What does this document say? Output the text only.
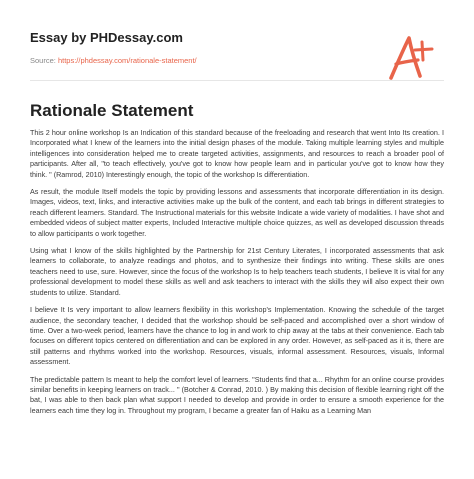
Essay by PHDessay.com

Source: https://phdessay.com/rationale-statement/
Rationale Statement

This 2 hour online workshop Is an Indication of this standard because of the freeloading and research that went Into Its creation. I Incorporated what I knew of the learners into the initial design phases of the module. Taking multiple learning styles and multiple intelligences into consideration helped me to create targeted activities, assignments, and resources to reach a broader pool of participants. After all, "to teach effectively, you've got to know how people learn and in particular you've got to know how they think. " (Ramrod, 2010) Interestingly enough, the topic of the workshop Is differentiation.

As result, the module Itself models the topic by providing lessons and assessments that incorporate differentiation in its design. Images, videos, text, links, and interactive activities make up the bulk of the content, and each tab brings in different strategies to reach different learners. Standard. The Instructional materials for this website Indicate a wide variety of modalities. I have shot and embedded videos of subject matter experts, Included Interactive multiple choice quizzes, as well as developed discussion threads to allow participants o work together.

Using what I know of the skills highlighted by the Partnership for 21st Century Literates, I incorporated assessments that ask learners to collaborate, to analyze readings and photos, and to synthesize their findings into writing. These skills are ones teachers need to use, sure. However, since the focus of the workshop Is to help teachers teach students, I believe It is vital for any professional development to model these skills as well and ask teachers to interact with the skills they will also expect their own students to utilize. Standard.

I believe It Is very important to allow learners flexibility in this workshop's Implementation. Knowing the schedule of the target audience, the secondary teacher, I decided that the workshop should be self-paced and accomplished over a short window of time. Over a two-week period, learners have the chance to log in and work to chip away at the tabs at their convenience. Each tab focuses on different topics centered on differentiation and can be explored in any order. However, as self-paced as it is, there are still patterns and rhythms worked into the workshop. Resources, visuals, informal assessment. Resources, visuals, Informal assessment.

The predictable pattern Is meant to help the comfort level of learners. "Students find that a... Rhythm for an online course provides similar benefits in keeping learners on track... " (Botcher & Conrad, 2010. ) By making this decision of flexible learning right off the bat, I was able to then back plan what support I needed to develop and provide in order to ensure a smooth experience for the learners each time they log in. Throughout my program, I became a greater fan of Haiku as a Learning Man
